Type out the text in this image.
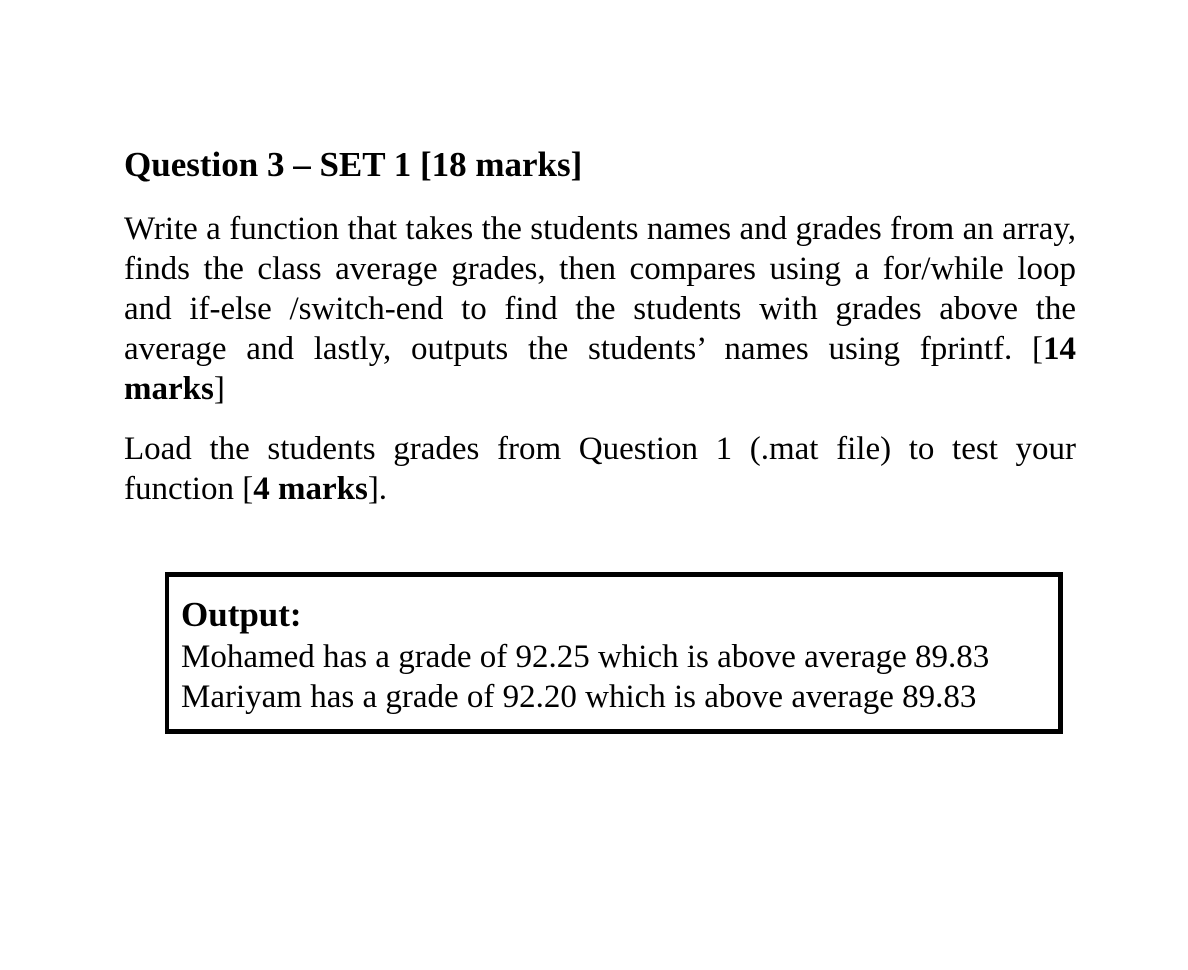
Question 3 – SET 1 [18 marks]

Write a function that takes the students names and grades from an array, finds the class average grades, then compares using a for/while loop and if-else /switch-end to find the students with grades above the average and lastly, outputs the students’ names using fprintf. [14 marks]

Load the students grades from Question 1 (.mat file) to test your function [4 marks].

Output:
Mohamed has a grade of 92.25 which is above average 89.83
Mariyam has a grade of 92.20 which is above average 89.83
